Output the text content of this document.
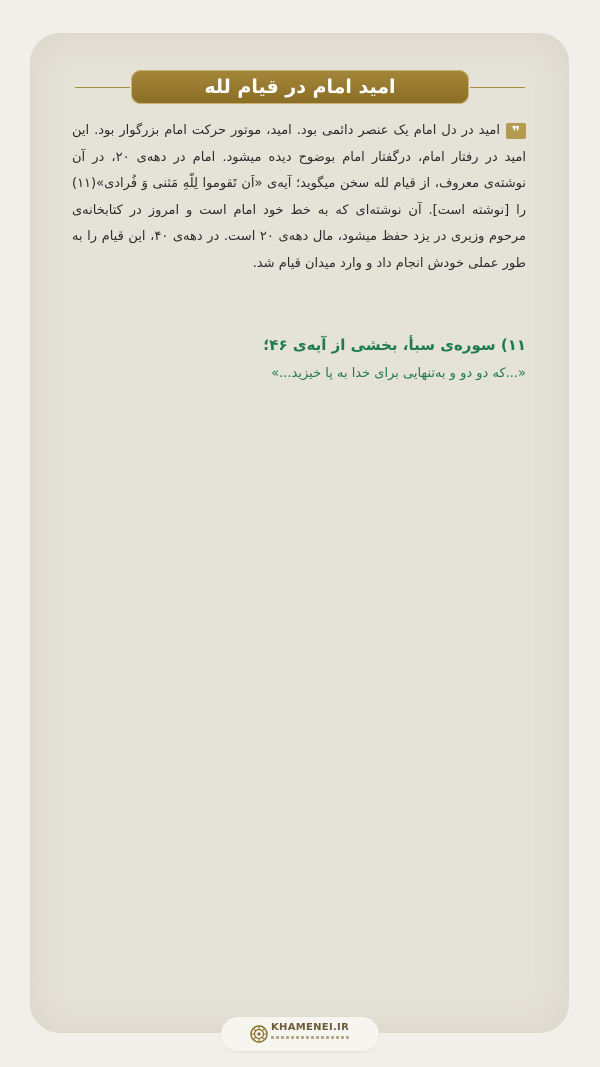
امید امام در قیام لله
❞امید در دل امام یک عنصر دائمی بود. امید، موتور حرکت امام بزرگوار بود. این امید در رفتار امام، درگفتار امام بوضوح دیده میشود. امام در دهه‌ی ۲۰، در آن نوشته‌ی معروف، از قیام لله سخن میگوید؛ آیه‌ی «اَن تَقوموا لِلّهِ مَثنی وَ فُرادی»(۱۱) را [نوشته است]. آن نوشته‌ای که به خط خود امام است و امروز در کتابخانه‌ی مرحوم وزیری در یزد حفظ میشود، مال دهه‌ی ۲۰ است. در دهه‌ی ۴۰، این قیام را به طور عملی خودش انجام داد و وارد میدان قیام شد.
۱۱) سوره‌ی سبأ، بخشی از آیه‌ی ۴۶؛
«...که دو دو و به‌تنهایی برای خدا به پا خیزید...»
KHAMENEI.IR
